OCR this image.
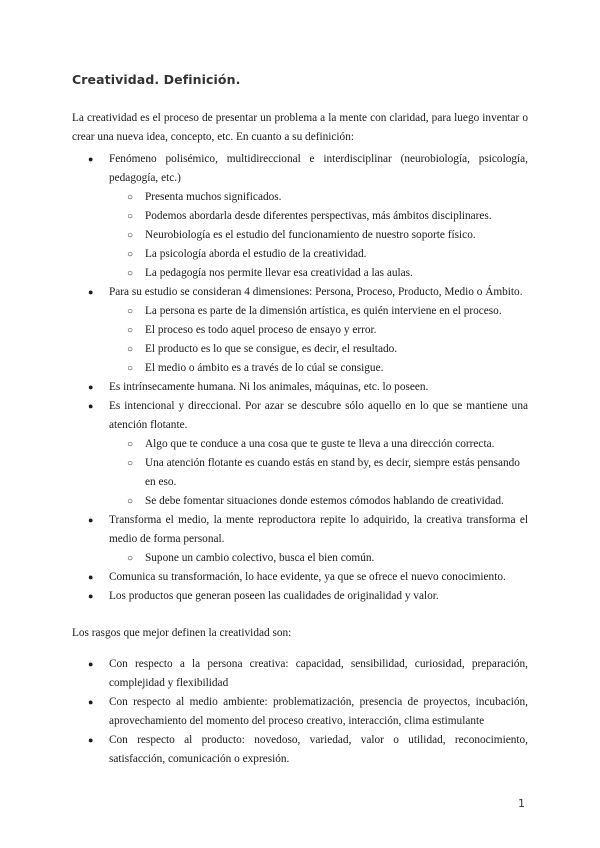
Creatividad. Definición.
La creatividad es el proceso de presentar un problema a la mente con claridad, para luego inventar o crear una nueva idea, concepto, etc. En cuanto a su definición:
● Fenómeno polisémico, multidireccional e interdisciplinar (neurobiología, psicología, pedagogía, etc.)
○ Presenta muchos significados.
○ Podemos abordarla desde diferentes perspectivas, más ámbitos disciplinares.
○ Neurobiología es el estudio del funcionamiento de nuestro soporte físico.
○ La psicología aborda el estudio de la creatividad.
○ La pedagogía nos permite llevar esa creatividad a las aulas.
● Para su estudio se consideran 4 dimensiones: Persona, Proceso, Producto, Medio o Ámbito.
○ La persona es parte de la dimensión artística, es quién interviene en el proceso.
○ El proceso es todo aquel proceso de ensayo y error.
○ El producto es lo que se consigue, es decir, el resultado.
○ El medio o ámbito es a través de lo cúal se consigue.
● Es intrínsecamente humana. Ni los animales, máquinas, etc. lo poseen.
● Es intencional y direccional. Por azar se descubre sólo aquello en lo que se mantiene una atención flotante.
○ Algo que te conduce a una cosa que te guste te lleva a una dirección correcta.
○ Una atención flotante es cuando estás en stand by, es decir, siempre estás pensando en eso.
○ Se debe fomentar situaciones donde estemos cómodos hablando de creatividad.
● Transforma el medio, la mente reproductora repite lo adquirido, la creativa transforma el medio de forma personal.
○ Supone un cambio colectivo, busca el bien común.
● Comunica su transformación, lo hace evidente, ya que se ofrece el nuevo conocimiento.
● Los productos que generan poseen las cualidades de originalidad y valor.
Los rasgos que mejor definen la creatividad son:
● Con respecto a la persona creativa: capacidad, sensibilidad, curiosidad, preparación, complejidad y flexibilidad
● Con respecto al medio ambiente: problematización, presencia de proyectos, incubación, aprovechamiento del momento del proceso creativo, interacción, clima estimulante
● Con respecto al producto: novedoso, variedad, valor o utilidad, reconocimiento, satisfacción, comunicación o expresión.
1
